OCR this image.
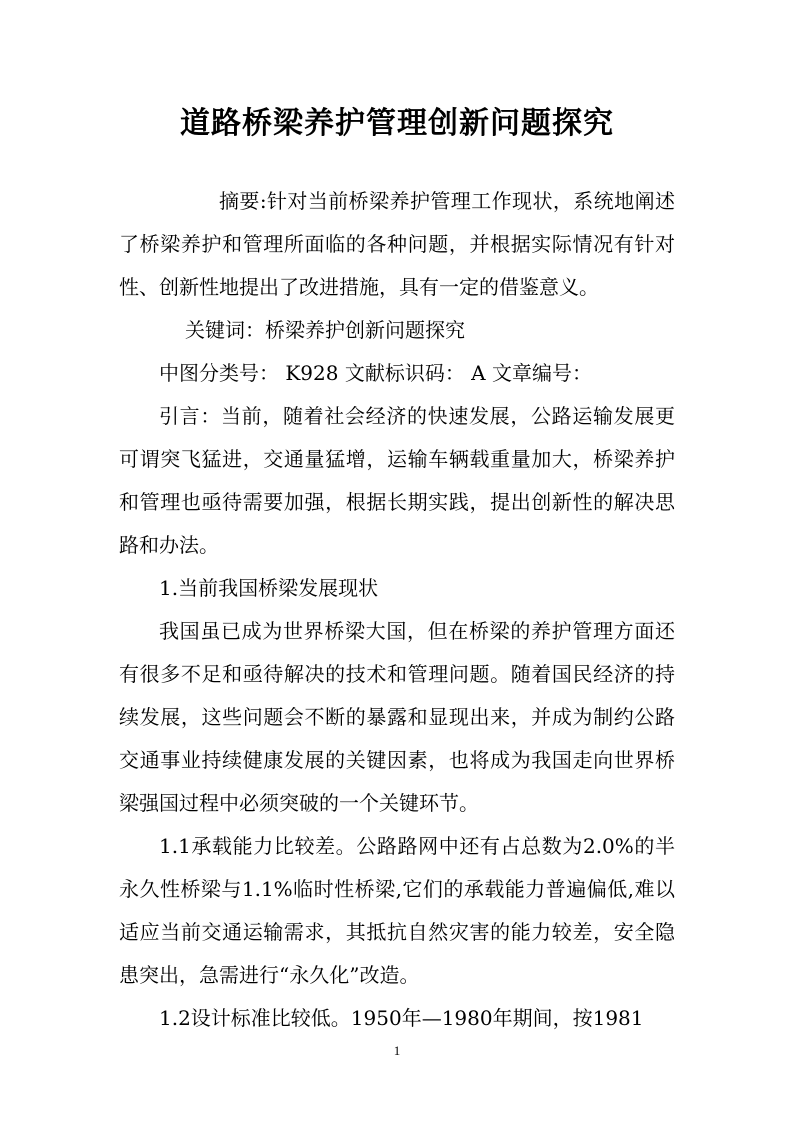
道路桥梁养护管理创新问题探究

摘要:针对当前桥梁养护管理工作现状，系统地阐述了桥梁养护和管理所面临的各种问题，并根据实际情况有针对性、创新性地提出了改进措施，具有一定的借鉴意义。

关键词：桥梁养护创新问题探究

中图分类号： K928 文献标识码： A 文章编号：

引言：当前，随着社会经济的快速发展，公路运输发展更可谓突飞猛进，交通量猛增，运输车辆载重量加大，桥梁养护和管理也亟待需要加强，根据长期实践，提出创新性的解决思路和办法。

1.当前我国桥梁发展现状

我国虽已成为世界桥梁大国，但在桥梁的养护管理方面还有很多不足和亟待解决的技术和管理问题。随着国民经济的持续发展，这些问题会不断的暴露和显现出来，并成为制约公路交通事业持续健康发展的关键因素，也将成为我国走向世界桥梁强国过程中必须突破的一个关键环节。

1.1承载能力比较差。公路路网中还有占总数为2.0%的半永久性桥梁与1.1%临时性桥梁,它们的承载能力普遍偏低,难以适应当前交通运输需求，其抵抗自然灾害的能力较差，安全隐患突出，急需进行“永久化”改造。

1.2设计标准比较低。1950年—1980年期间，按1981

1
